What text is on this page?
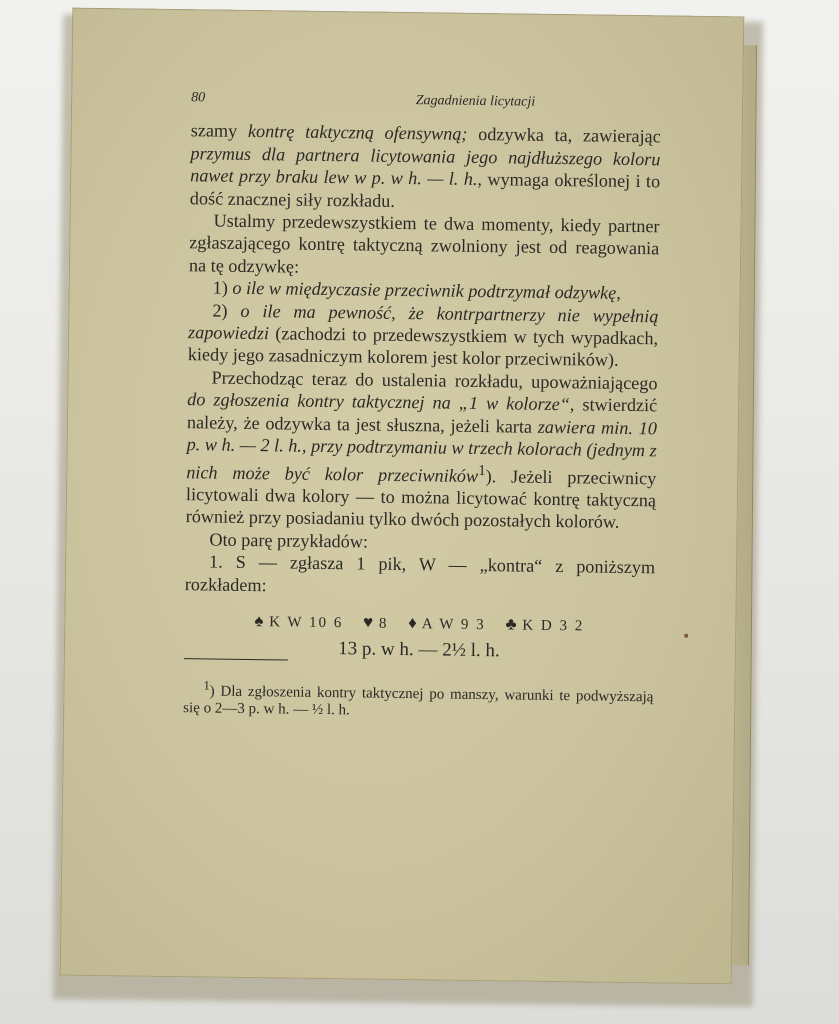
80	Zagadnienia licytacji

szamy kontrę taktyczną ofensywną; odzywka ta, zawierając przymus dla partnera licytowania jego najdłuższego koloru nawet przy braku lew w p. w h. — l. h., wymaga określonej i to dość znacznej siły rozkładu.

Ustalmy przedewszystkiem te dwa momenty, kiedy partner zgłaszającego kontrę taktyczną zwolniony jest od reagowania na tę odzywkę:

1) o ile w międzyczasie przeciwnik podtrzymał odzywkę,

2) o ile ma pewność, że kontrpartnerzy nie wypełnią zapowiedzi (zachodzi to przedewszystkiem w tych wypadkach, kiedy jego zasadniczym kolorem jest kolor przeciwników).

Przechodząc teraz do ustalenia rozkładu, upoważniającego do zgłoszenia kontry taktycznej na „1 w kolorze“, stwierdzić należy, że odzywka ta jest słuszna, jeżeli karta zawiera min. 10 p. w h. — 2 l. h., przy podtrzymaniu w trzech kolorach (jednym z nich może być kolor przeciwników$^1$). Jeżeli przeciwnicy licytowali dwa kolory — to można licytować kontrę taktyczną również przy posiadaniu tylko dwóch pozostałych kolorów.

Oto parę przykładów:

1. S — zgłasza 1 pik, W — „kontra“ z poniższym rozkładem:

♠ K W 10 6 ♥ 8 ♦ A W 9 3 ♣ K D 3 2
13 p. w h. — 2½ l. h.

$^1$) Dla zgłoszenia kontry taktycznej po manszy, warunki te podwyższają się o 2—3 p. w h. — ½ l. h.
